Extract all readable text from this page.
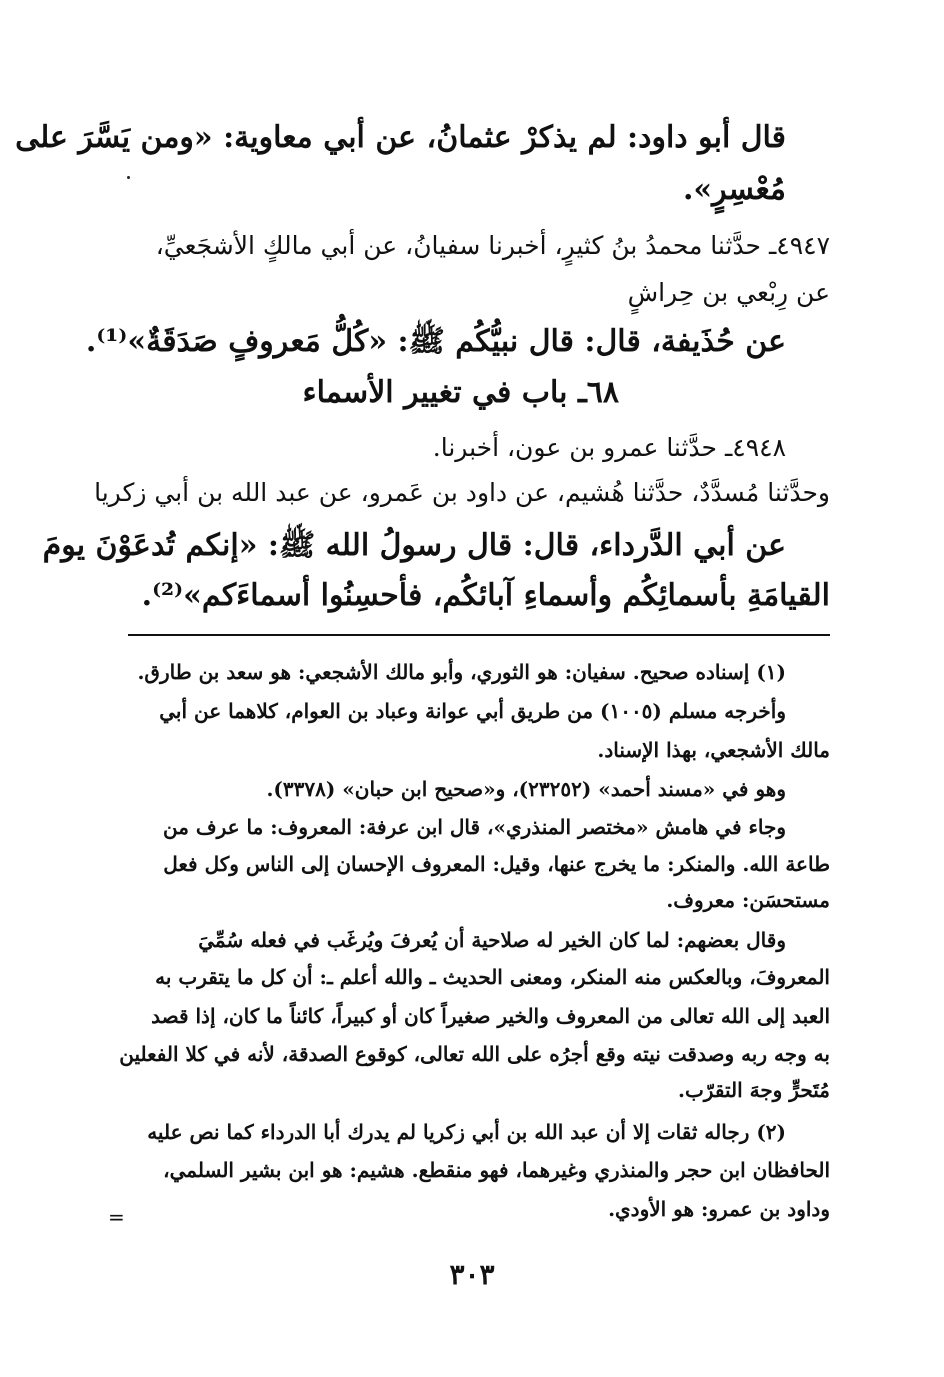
قال أبو داود: لم يذكرْ عثمانُ، عن أبي معاوية: «ومن يَسَّرَ على

مُعْسِرٍ».

٤٩٤٧ـ حدَّثنا محمدُ بنُ كثيرٍ، أخبرنا سفيانُ، عن أبي مالكٍ الأشجَعيِّ،

عن رِبْعي بن حِراشٍ

عن حُذَيفة، قال: قال نبيُّكُم ﷺ: «كُلُّ مَعروفٍ صَدَقَةٌ»⁽¹⁾.

٦٨ـ باب في تغيير الأسماء

٤٩٤٨ـ حدَّثنا عمرو بن عون، أخبرنا.

وحدَّثنا مُسدَّدٌ، حدَّثنا هُشيم، عن داود بن عَمرو، عن عبد الله بن أبي زكريا

عن أبي الدَّرداء، قال: قال رسولُ الله ﷺ: «إنكم تُدعَوْنَ يومَ

القيامَةِ بأسمائِكُم وأسماءِ آبائكُم، فأحسِنُوا أسماءَكم»⁽²⁾.

(١) إسناده صحيح. سفيان: هو الثوري، وأبو مالك الأشجعي: هو سعد بن طارق.

وأخرجه مسلم (١٠٠٥) من طريق أبي عوانة وعباد بن العوام، كلاهما عن أبي

مالك الأشجعي، بهذا الإسناد.

وهو في «مسند أحمد» (٢٣٢٥٢)، و«صحيح ابن حبان» (٣٣٧٨).

وجاء في هامش «مختصر المنذري»، قال ابن عرفة: المعروف: ما عرف من

طاعة الله. والمنكر: ما يخرج عنها، وقيل: المعروف الإحسان إلى الناس وكل فعل

مستحسَن: معروف.

وقال بعضهم: لما كان الخير له صلاحية أن يُعرفَ ويُرغَب في فعله سُمِّيَ

المعروفَ، وبالعكس منه المنكر، ومعنى الحديث ـ والله أعلم ـ: أن كل ما يتقرب به

العبد إلى الله تعالى من المعروف والخير صغيراً كان أو كبيراً، كائناً ما كان، إذا قصد

به وجه ربه وصدقت نيته وقع أجرُه على الله تعالى، كوقوع الصدقة، لأنه في كلا الفعلين

مُتَحرٍّ وجهَ التقرّب.

(٢) رجاله ثقات إلا أن عبد الله بن أبي زكريا لم يدرك أبا الدرداء كما نص عليه

الحافظان ابن حجر والمنذري وغيرهما، فهو منقطع. هشيم: هو ابن بشير السلمي،

وداود بن عمرو: هو الأودي.

=
٣٠٣
